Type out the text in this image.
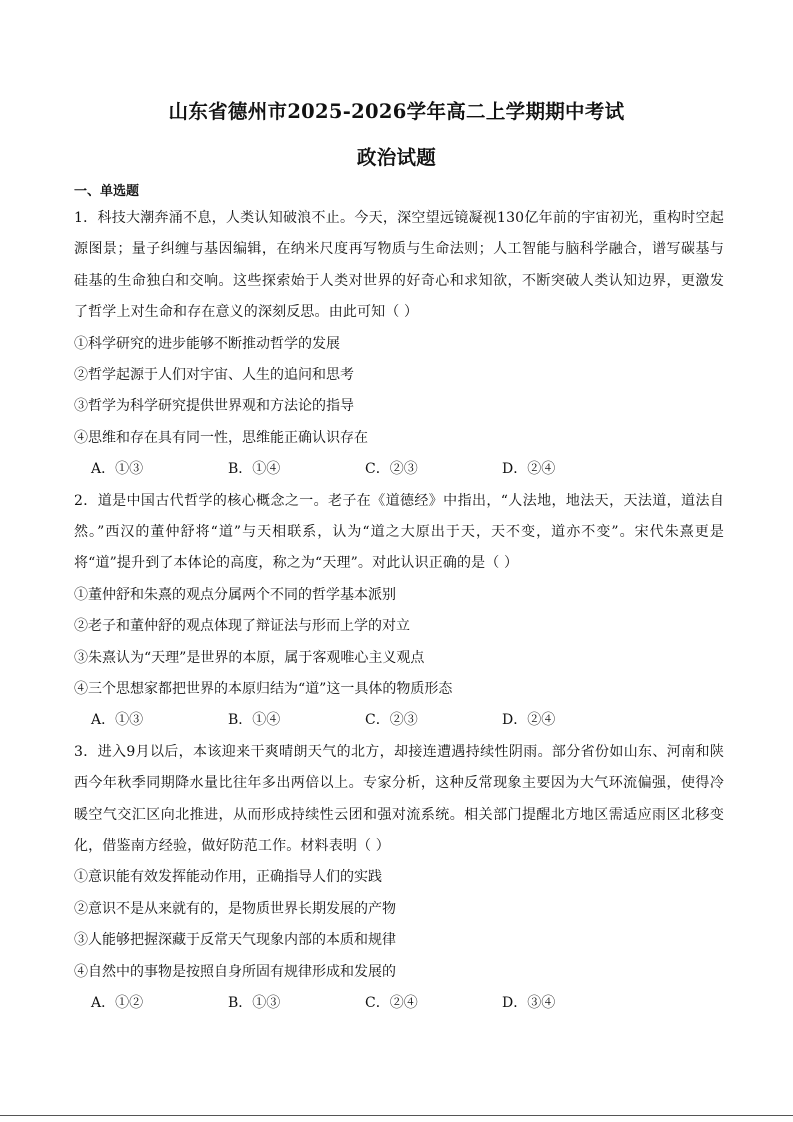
山东省德州市2025-2026学年高二上学期期中考试
政治试题
一、单选题

1．科技大潮奔涌不息，人类认知破浪不止。今天，深空望远镜凝视130亿年前的宇宙初光，重构时空起源图景；量子纠缠与基因编辑，在纳米尺度再写物质与生命法则；人工智能与脑科学融合，谱写碳基与硅基的生命独白和交响。这些探索始于人类对世界的好奇心和求知欲，不断突破人类认知边界，更激发了哲学上对生命和存在意义的深刻反思。由此可知（ ）

①科学研究的进步能够不断推动哲学的发展

②哲学起源于人们对宇宙、人生的追问和思考

③哲学为科学研究提供世界观和方法论的指导

④思维和存在具有同一性，思维能正确认识存在

A．①③	B．①④	C．②③	D．②④

2．道是中国古代哲学的核心概念之一。老子在《道德经》中指出，“人法地，地法天，天法道，道法自然。”西汉的董仲舒将“道”与天相联系，认为“道之大原出于天，天不变，道亦不变”。宋代朱熹更是将“道”提升到了本体论的高度，称之为“天理”。对此认识正确的是（ ）

①董仲舒和朱熹的观点分属两个不同的哲学基本派别

②老子和董仲舒的观点体现了辩证法与形而上学的对立

③朱熹认为“天理”是世界的本原，属于客观唯心主义观点

④三个思想家都把世界的本原归结为“道”这一具体的物质形态

A．①③	B．①④	C．②③	D．②④

3．进入9月以后，本该迎来干爽晴朗天气的北方，却接连遭遇持续性阴雨。部分省份如山东、河南和陕西今年秋季同期降水量比往年多出两倍以上。专家分析，这种反常现象主要因为大气环流偏强，使得冷暖空气交汇区向北推进，从而形成持续性云团和强对流系统。相关部门提醒北方地区需适应雨区北移变化，借鉴南方经验，做好防范工作。材料表明（ ）

①意识能有效发挥能动作用，正确指导人们的实践

②意识不是从来就有的，是物质世界长期发展的产物

③人能够把握深藏于反常天气现象内部的本质和规律

④自然中的事物是按照自身所固有规律形成和发展的

A．①②	B．①③	C．②④	D．③④
